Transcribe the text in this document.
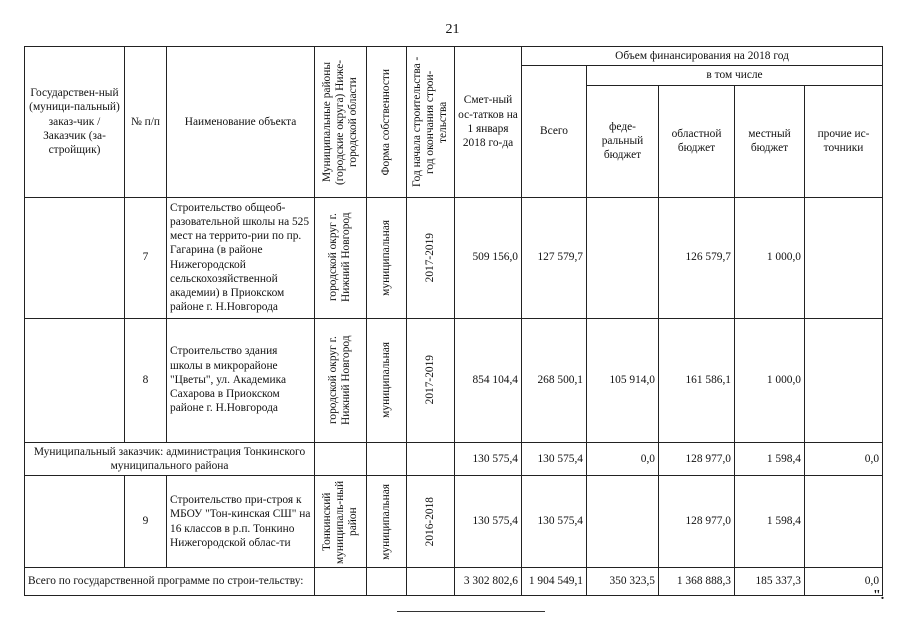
21
Государствен-ный (муници-пальный) заказ-чик / Заказчик (за-стройщик)	№ п/п	Наименование объекта	Муниципальные районы (городские округа) Ниже-городской области	Форма собственности	Год начала строительства - год окончания строи-тельства	Смет-ный ос-татков на 1 января 2018 го-да	Объем финансирования на 2018 год				
							Всего	в том числе			
								феде-ральный бюджет	областной бюджет	местный бюджет	прочие ис-точники
	7	Строительство общеоб-разовательной школы на 525 мест на террито-рии по пр. Гагарина (в районе Нижегородской сельскохозяйственной академии) в Приокском районе г. Н.Новгорода	городской округ г. Нижний Новгород	муниципальная	2017-2019	509 156,0	127 579,7		126 579,7	1 000,0	
	8	Строительство здания школы в микрорайоне "Цветы", ул. Академика Сахарова в Приокском районе г. Н.Новгорода	городской округ г. Нижний Новгород	муниципальная	2017-2019	854 104,4	268 500,1	105 914,0	161 586,1	1 000,0	
Муниципальный заказчик: администрация Тонкинского муниципального района						130 575,4	130 575,4	0,0	128 977,0	1 598,4	0,0
	9	Строительство при-строя к МБОУ "Тон-кинская СШ" на 16 классов в р.п. Тонкино Нижегородской облас-ти	Тонкинский муниципаль-ный район	муниципальная	2016-2018	130 575,4	130 575,4		128 977,0	1 598,4	
Всего по государственной программе по строи-тельству:						3 302 802,6	1 904 549,1	350 323,5	1 368 888,3	185 337,3	0,0
".
